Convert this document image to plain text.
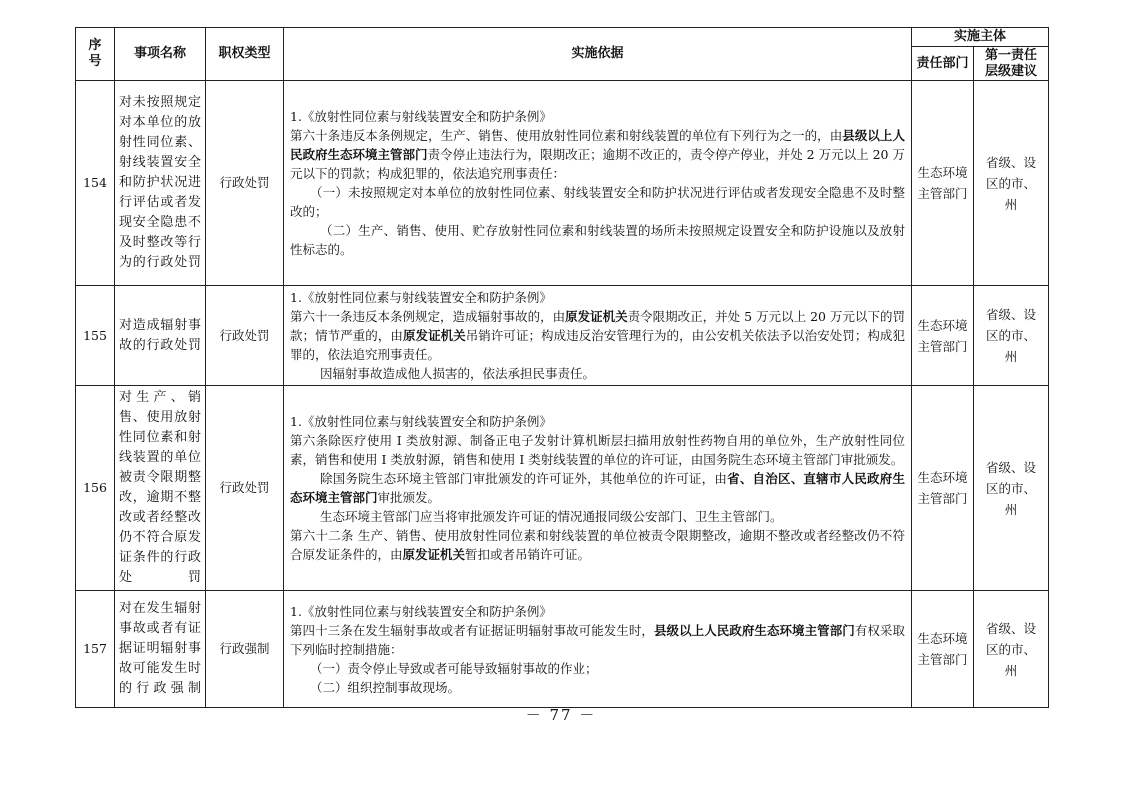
序号	事项名称	职权类型	实施依据	实施主体	
				责任部门	第一责任层级建议
154	对未按照规定对本单位的放射性同位素、射线装置安全和防护状况进行评估或者发现安全隐患不及时整改等行为的行政处罚	行政处罚	1.《放射性同位素与射线装置安全和防护条例》

第六十条违反本条例规定，生产、销售、使用放射性同位素和射线装置的单位有下列行为之一的，由县级以上人民政府生态环境主管部门责令停止违法行为，限期改正；逾期不改正的，责令停产停业，并处 2 万元以上 20 万元以下的罚款；构成犯罪的，依法追究刑事责任：

（一）未按照规定对本单位的放射性同位素、射线装置安全和防护状况进行评估或者发现安全隐患不及时整改的；

（二）生产、销售、使用、贮存放射性同位素和射线装置的场所未按照规定设置安全和防护设施以及放射性标志的。	生态环境主管部门	省级、设区的市、州
155	对造成辐射事故的行政处罚	行政处罚	1.《放射性同位素与射线装置安全和防护条例》

第六十一条违反本条例规定，造成辐射事故的，由原发证机关责令限期改正，并处 5 万元以上 20 万元以下的罚款；情节严重的，由原发证机关吊销许可证；构成违反治安管理行为的，由公安机关依法予以治安处罚；构成犯罪的，依法追究刑事责任。

因辐射事故造成他人损害的，依法承担民事责任。	生态环境主管部门	省级、设区的市、州
156	对生产、销售、使用放射性同位素和射线装置的单位被责令限期整改，逾期不整改或者经整改仍不符合原发证条件的行政处罚	行政处罚	1.《放射性同位素与射线装置安全和防护条例》

第六条除医疗使用 I 类放射源、制备正电子发射计算机断层扫描用放射性药物自用的单位外，生产放射性同位素，销售和使用 I 类放射源，销售和使用 I 类射线装置的单位的许可证，由国务院生态环境主管部门审批颁发。

除国务院生态环境主管部门审批颁发的许可证外，其他单位的许可证，由省、自治区、直辖市人民政府生态环境主管部门审批颁发。

生态环境主管部门应当将审批颁发许可证的情况通报同级公安部门、卫生主管部门。

第六十二条 生产、销售、使用放射性同位素和射线装置的单位被责令限期整改，逾期不整改或者经整改仍不符合原发证条件的，由原发证机关暂扣或者吊销许可证。	生态环境主管部门	省级、设区的市、州
157	对在发生辐射事故或者有证据证明辐射事故可能发生时的行政强制	行政强制	1.《放射性同位素与射线装置安全和防护条例》

第四十三条在发生辐射事故或者有证据证明辐射事故可能发生时，县级以上人民政府生态环境主管部门有权采取下列临时控制措施：

（一）责令停止导致或者可能导致辐射事故的作业；

（二）组织控制事故现场。	生态环境主管部门	省级、设区的市、州
－ 77 －
